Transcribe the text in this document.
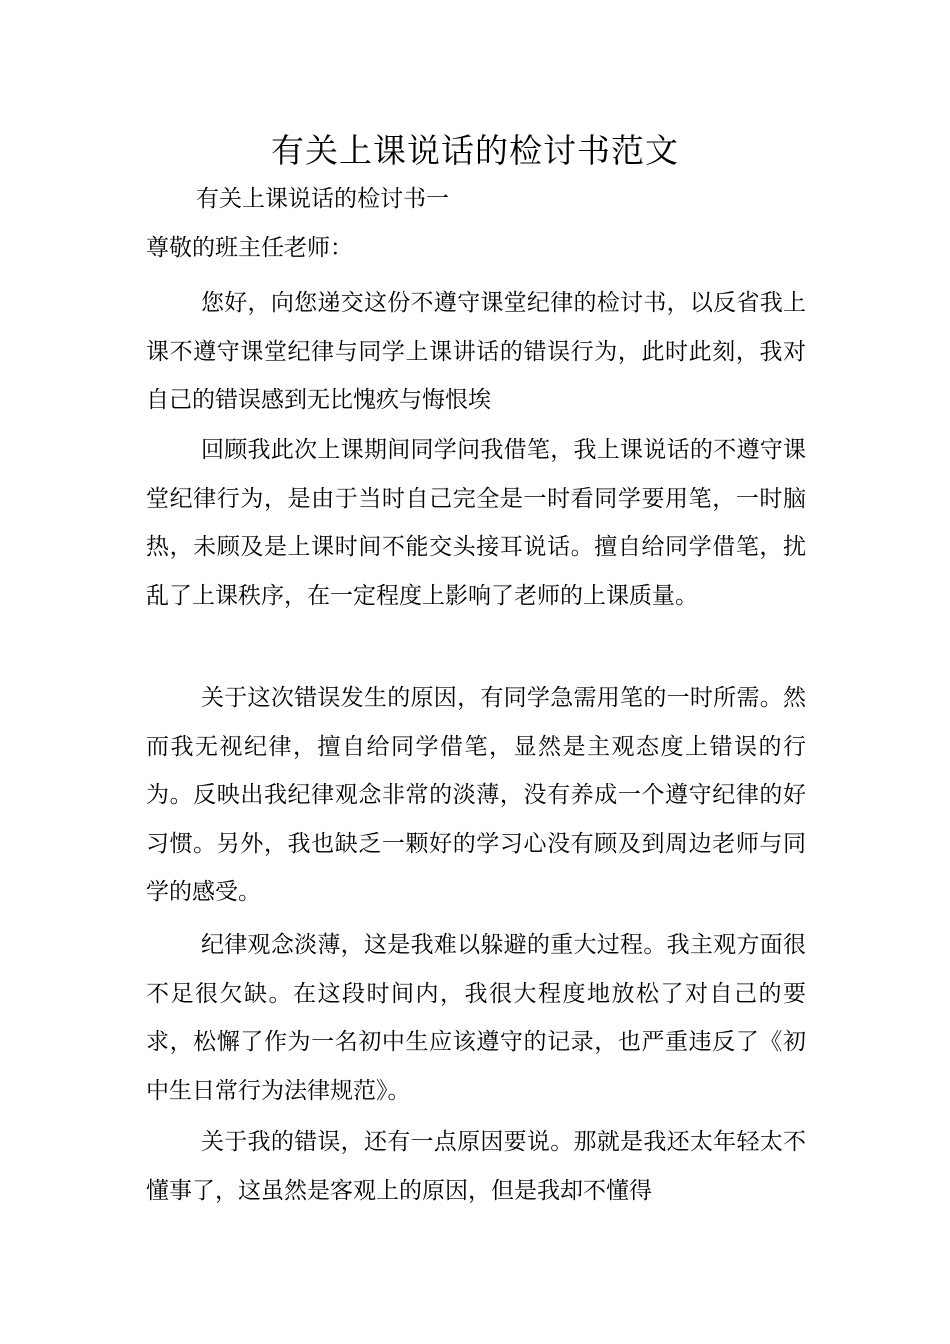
有关上课说话的检讨书范文
有关上课说话的检讨书一
尊敬的班主任老师：

您好，向您递交这份不遵守课堂纪律的检讨书，以反省我上课不遵守课堂纪律与同学上课讲话的错误行为，此时此刻，我对自己的错误感到无比愧疚与悔恨埃

回顾我此次上课期间同学问我借笔，我上课说话的不遵守课堂纪律行为，是由于当时自己完全是一时看同学要用笔，一时脑热，未顾及是上课时间不能交头接耳说话。擅自给同学借笔，扰乱了上课秩序，在一定程度上影响了老师的上课质量。

关于这次错误发生的原因，有同学急需用笔的一时所需。然而我无视纪律，擅自给同学借笔，显然是主观态度上错误的行为。反映出我纪律观念非常的淡薄，没有养成一个遵守纪律的好习惯。另外，我也缺乏一颗好的学习心没有顾及到周边老师与同学的感受。

纪律观念淡薄，这是我难以躲避的重大过程。我主观方面很不足很欠缺。在这段时间内，我很大程度地放松了对自己的要求，松懈了作为一名初中生应该遵守的记录，也严重违反了《初中生日常行为法律规范》。

关于我的错误，还有一点原因要说。那就是我还太年轻太不懂事了，这虽然是客观上的原因，但是我却不懂得
